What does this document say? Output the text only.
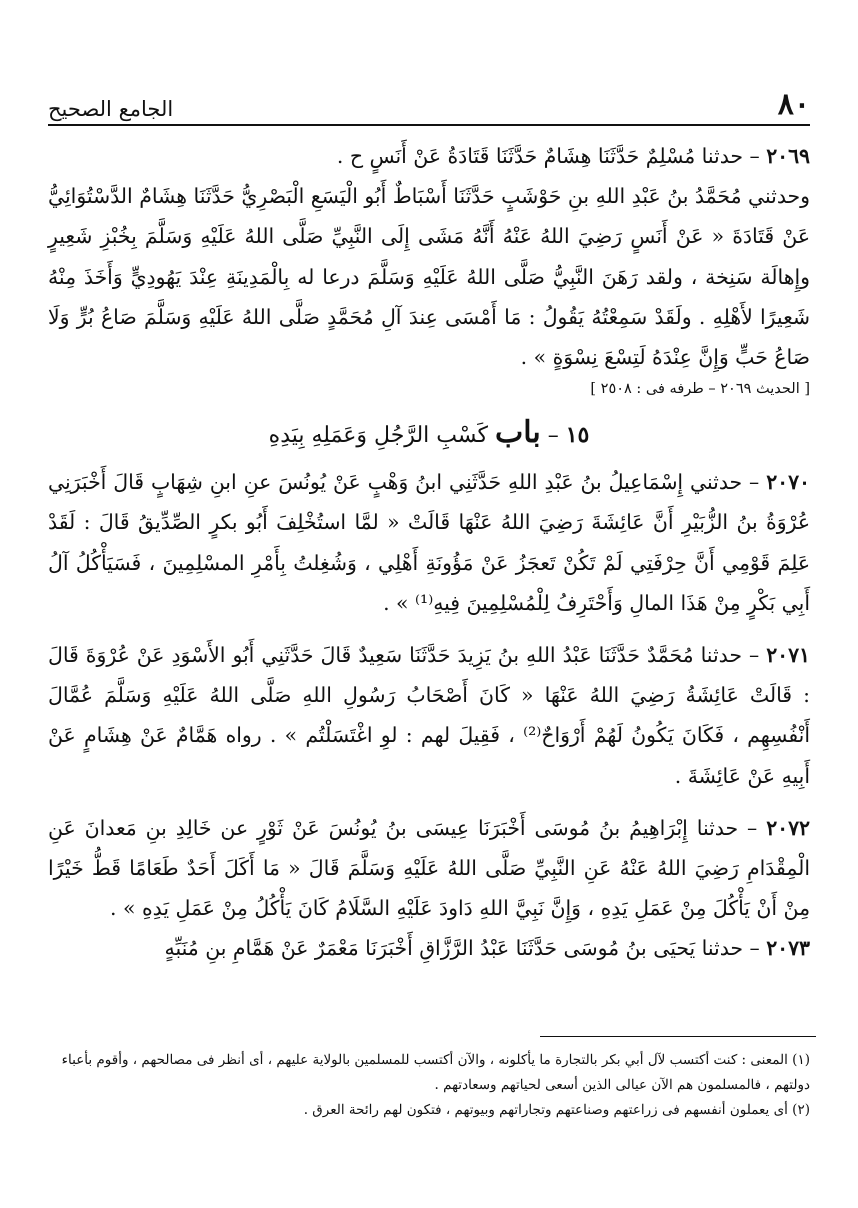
٨٠
الجامع الصحيح

٢٠٦٩ – حدثنا مُسْلِمٌ حَدَّثَنَا هِشَامٌ حَدَّثَنَا قَتَادَةُ عَنْ أَنَسٍ ح .

وحدثني مُحَمَّدُ بنُ عَبْدِ اللهِ بنِ حَوْشَبٍ حَدَّثَنَا أَسْبَاطٌ أَبُو الْيَسَعِ الْبَصْرِيُّ حَدَّثَنَا هِشَامٌ الدَّسْتُوَائِيُّ عَنْ قَتَادَةَ « عَنْ أَنَسٍ رَضِيَ اللهُ عَنْهُ أَنَّهُ مَشَى إِلَى النَّبِيِّ صَلَّى اللهُ عَلَيْهِ وَسَلَّمَ بِخُبْزِ شَعِيرٍ وإِهالَة سَنِخة ، ولقد رَهَنَ النَّبِيُّ صَلَّى اللهُ عَلَيْهِ وَسَلَّمَ درعا له بِالْمَدِينَةِ عِنْدَ يَهُودِيٍّ وَأَخَذَ مِنْهُ شَعِيرًا لأَهْلِهِ . ولَقَدْ سَمِعْتُهُ يَقُولُ : مَا أَمْسَى عِندَ آلِ مُحَمَّدٍ صَلَّى اللهُ عَلَيْهِ وَسَلَّمَ صَاعُ بُرٍّ وَلَا صَاعُ حَبٍّ وَإِنَّ عِنْدَهُ لَتِسْعَ نِسْوَةٍ » .

[ الحديث ٢٠٦٩ – طرفه فى : ٢٥٠٨ ]

١٥ – باب كَسْبِ الرَّجُلِ وَعَمَلِهِ بِيَدِهِ

٢٠٧٠ – حدثني إِسْمَاعِيلُ بنُ عَبْدِ اللهِ حَدَّثَنِي ابنُ وَهْبٍ عَنْ يُونُسَ عنِ ابنِ شِهَابٍ قَالَ أَخْبَرَنِي عُرْوَةُ بنُ الزُّبَيْرِ أَنَّ عَائِشَةَ رَضِيَ اللهُ عَنْهَا قَالَتْ « لمَّا استُخْلِفَ أَبُو بكرٍ الصِّدِّيقُ قَالَ : لَقَدْ عَلِمَ قَوْمِي أَنَّ حِرْفَتِي لَمْ تَكُنْ تَعجَزُ عَنْ مَؤُونَةِ أَهْلِي ، وَشُغِلتُ بِأَمْرِ المسْلِمِينَ ، فَسَيَأْكُلُ آلُ أَبِي بَكْرٍ مِنْ هَذَا المالِ وَأَحْتَرِفُ لِلْمُسْلِمِينَ فِيهِ⁽¹⁾ » .

٢٠٧١ – حدثنا مُحَمَّدٌ حَدَّثَنَا عَبْدُ اللهِ بنُ يَزِيدَ حَدَّثَنَا سَعِيدٌ قَالَ حَدَّثَنِي أَبُو الأَسْوَدِ عَنْ عُرْوَةَ قَالَ : قَالَتْ عَائِشَةُ رَضِيَ اللهُ عَنْهَا « كَانَ أَصْحَابُ رَسُولِ اللهِ صَلَّى اللهُ عَلَيْهِ وَسَلَّمَ عُمَّالَ أَنْفُسِهِم ، فَكَانَ يَكُونُ لَهُمْ أَرْوَاحٌ⁽²⁾ ، فَقِيلَ لهم : لوِ اغْتَسَلْتُم » . رواه هَمَّامٌ عَنْ هِشَامٍ عَنْ أَبِيهِ عَنْ عَائِشَةَ .

٢٠٧٢ – حدثنا إِبْرَاهِيمُ بنُ مُوسَى أَخْبَرَنَا عِيسَى بنُ يُونُسَ عَنْ ثَوْرٍ عن خَالِدِ بنِ مَعدانَ عَنِ الْمِقْدَامِ رَضِيَ اللهُ عَنْهُ عَنِ النَّبِيِّ صَلَّى اللهُ عَلَيْهِ وَسَلَّمَ قَالَ « مَا أَكَلَ أَحَدٌ طَعَامًا قَطُّ خَيْرًا مِنْ أَنْ يَأْكُلَ مِنْ عَمَلِ يَدِهِ ، وَإِنَّ نَبِيَّ اللهِ دَاودَ عَلَيْهِ السَّلَامُ كَانَ يَأْكُلُ مِنْ عَمَلِ يَدِهِ » .

٢٠٧٣ – حدثنا يَحيَى بنُ مُوسَى حَدَّثَنَا عَبْدُ الرَّزَّاقِ أَخْبَرَنَا مَعْمَرٌ عَنْ هَمَّامِ بنِ مُنَبِّهٍ

(١) المعنى : كنت أكتسب لآل أبي بكر بالتجارة ما يأكلونه ، والآن أكتسب للمسلمين بالولاية عليهم ، أى أنظر فى مصالحهم ، وأقوم بأعباء دولتهم ، فالمسلمون هم الآن عيالى الذين أسعى لحياتهم وسعادتهم .

(٢) أى يعملون أنفسهم فى زراعتهم وصناعتهم وتجاراتهم وبيوتهم ، فتكون لهم رائحة العرق .
